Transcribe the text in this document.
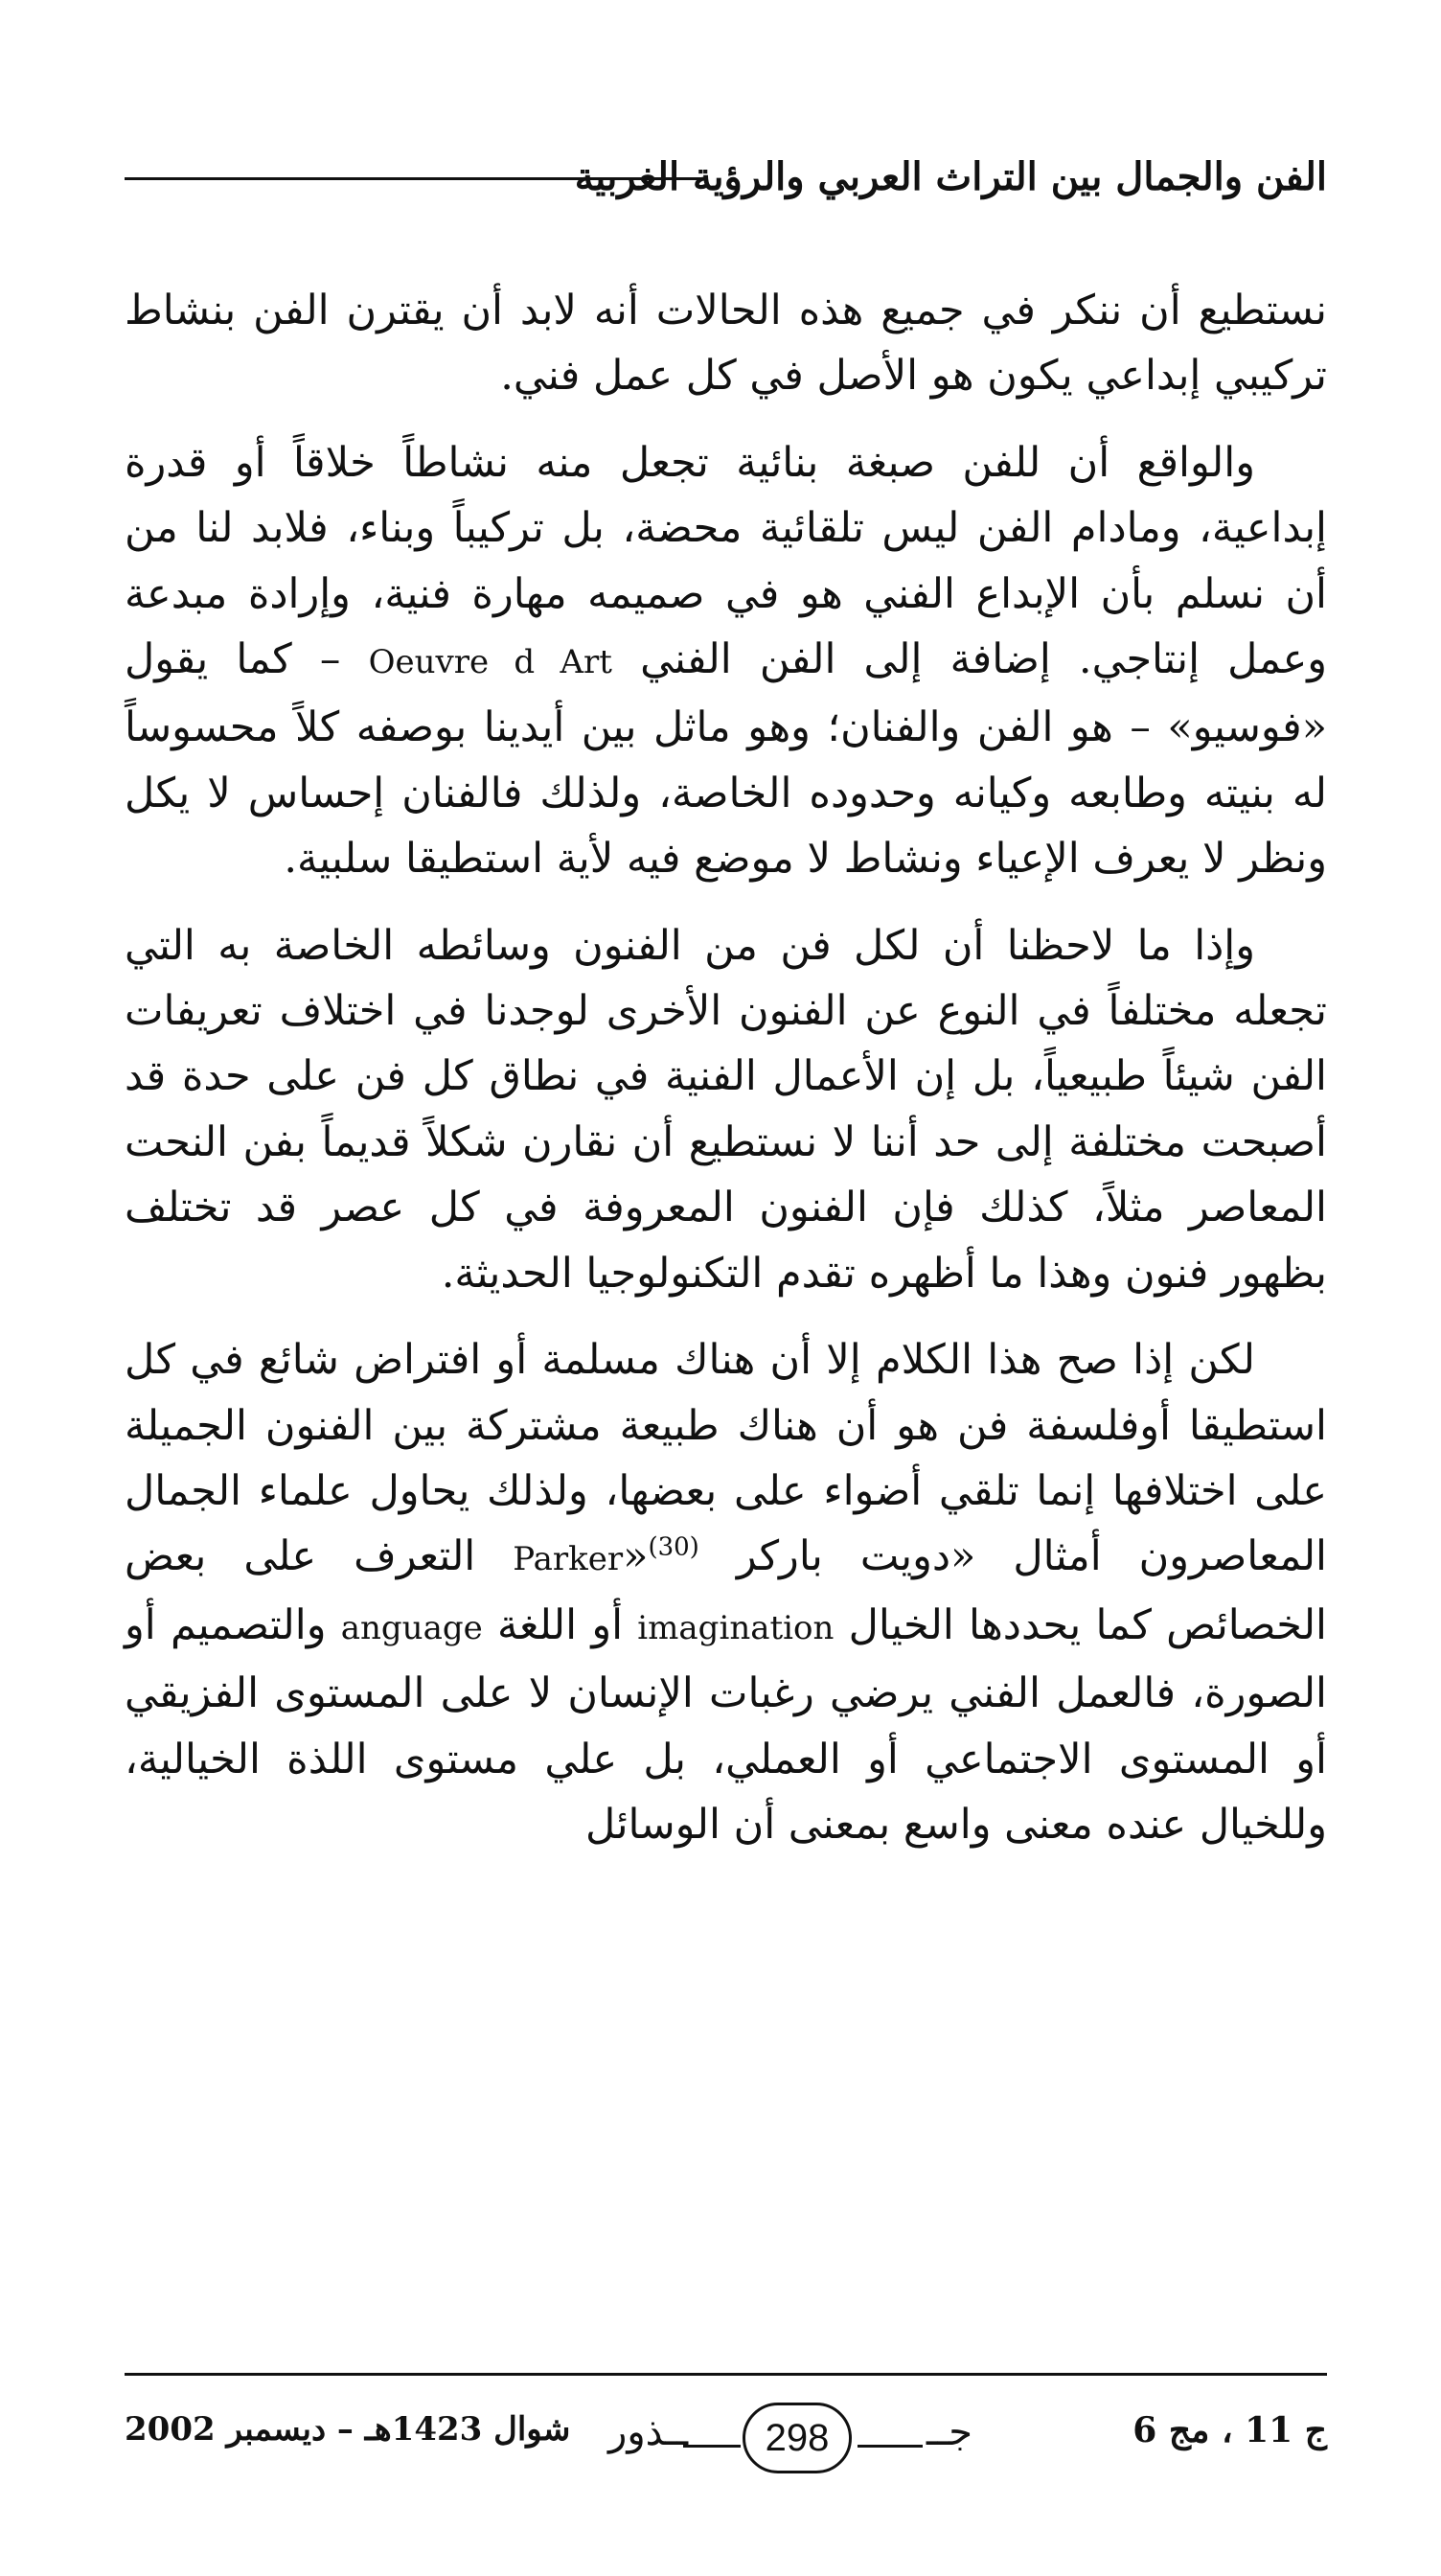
الفن والجمال بين التراث العربي والرؤية الغربية

نستطيع أن ننكر في جميع هذه الحالات أنه لابد أن يقترن الفن بنشاط تركيبي إبداعي يكون هو الأصل في كل عمل فني.

والواقع أن للفن صبغة بنائية تجعل منه نشاطاً خلاقاً أو قدرة إبداعية، ومادام الفن ليس تلقائية محضة، بل تركيباً وبناء، فلابد لنا من أن نسلم بأن الإبداع الفني هو في صميمه مهارة فنية، وإرادة مبدعة وعمل إنتاجي. إضافة إلى الفن الفني Oeuvre d Art – كما يقول «فوسيو» – هو الفن والفنان؛ وهو ماثل بين أيدينا بوصفه كلاً محسوساً له بنيته وطابعه وكيانه وحدوده الخاصة، ولذلك فالفنان إحساس لا يكل ونظر لا يعرف الإعياء ونشاط لا موضع فيه لأية استطيقا سلبية.

وإذا ما لاحظنا أن لكل فن من الفنون وسائطه الخاصة به التي تجعله مختلفاً في النوع عن الفنون الأخرى لوجدنا في اختلاف تعريفات الفن شيئاً طبيعياً، بل إن الأعمال الفنية في نطاق كل فن على حدة قد أصبحت مختلفة إلى حد أننا لا نستطيع أن نقارن شكلاً قديماً بفن النحت المعاصر مثلاً، كذلك فإن الفنون المعروفة في كل عصر قد تختلف بظهور فنون وهذا ما أظهره تقدم التكنولوجيا الحديثة.

لكن إذا صح هذا الكلام إلا أن هناك مسلمة أو افتراض شائع في كل استطيقا أوفلسفة فن هو أن هناك طبيعة مشتركة بين الفنون الجميلة على اختلافها إنما تلقي أضواء على بعضها، ولذلك يحاول علماء الجمال المعاصرون أمثال «دويت باركر Parker»$^{(30)}$ التعرف على بعض الخصائص كما يحددها الخيال imagination أو اللغة anguage والتصميم أو الصورة، فالعمل الفني يرضي رغبات الإنسان لا على المستوى الفزيقي أو المستوى الاجتماعي أو العملي، بل علي مستوى اللذة الخيالية، وللخيال عنده معنى واسع بمعنى أن الوسائل

ج 11 ، مج 6
ــذور	298	جــ
شوال 1423هـ – ديسمبر 2002
